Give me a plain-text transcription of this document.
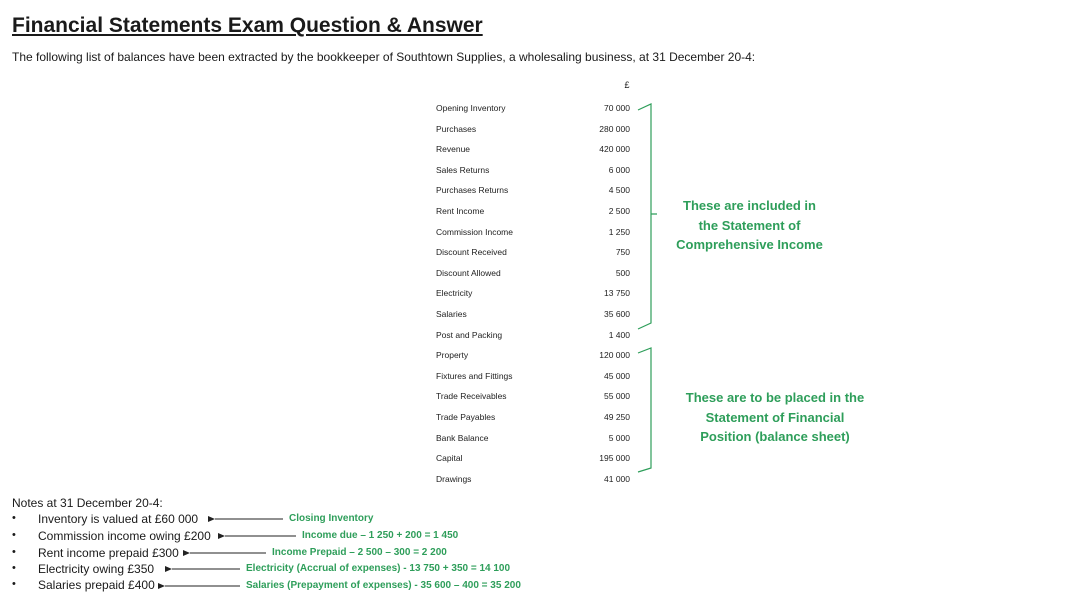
Financial Statements Exam Question & Answer
The following list of balances have been extracted by the bookkeeper of Southtown Supplies, a wholesaling business, at 31 December 20-4:
£
Opening Inventory	70 000
Purchases	280 000
Revenue	420 000
Sales Returns	6 000
Purchases Returns	4 500
Rent Income	2 500
Commission Income	1 250
Discount Received	750
Discount Allowed	500
Electricity	13 750
Salaries	35 600
Post and Packing	1 400
Property	120 000
Fixtures and Fittings	45 000
Trade Receivables	55 000
Trade Payables	49 250
Bank Balance	5 000
Capital	195 000
Drawings	41 000
These are included in
the Statement of
Comprehensive Income
These are to be placed in the
Statement of Financial
Position (balance sheet)
Notes at 31 December 20-4:
• Inventory is valued at £60 000
• Commission income owing £200
• Rent income prepaid £300
• Electricity owing £350
• Salaries prepaid £400
Closing Inventory
Income due – 1 250 + 200 = 1 450
Income Prepaid – 2 500 – 300 = 2 200
Electricity (Accrual of expenses) - 13 750 + 350 = 14 100
Salaries (Prepayment of expenses) - 35 600 – 400 = 35 200
